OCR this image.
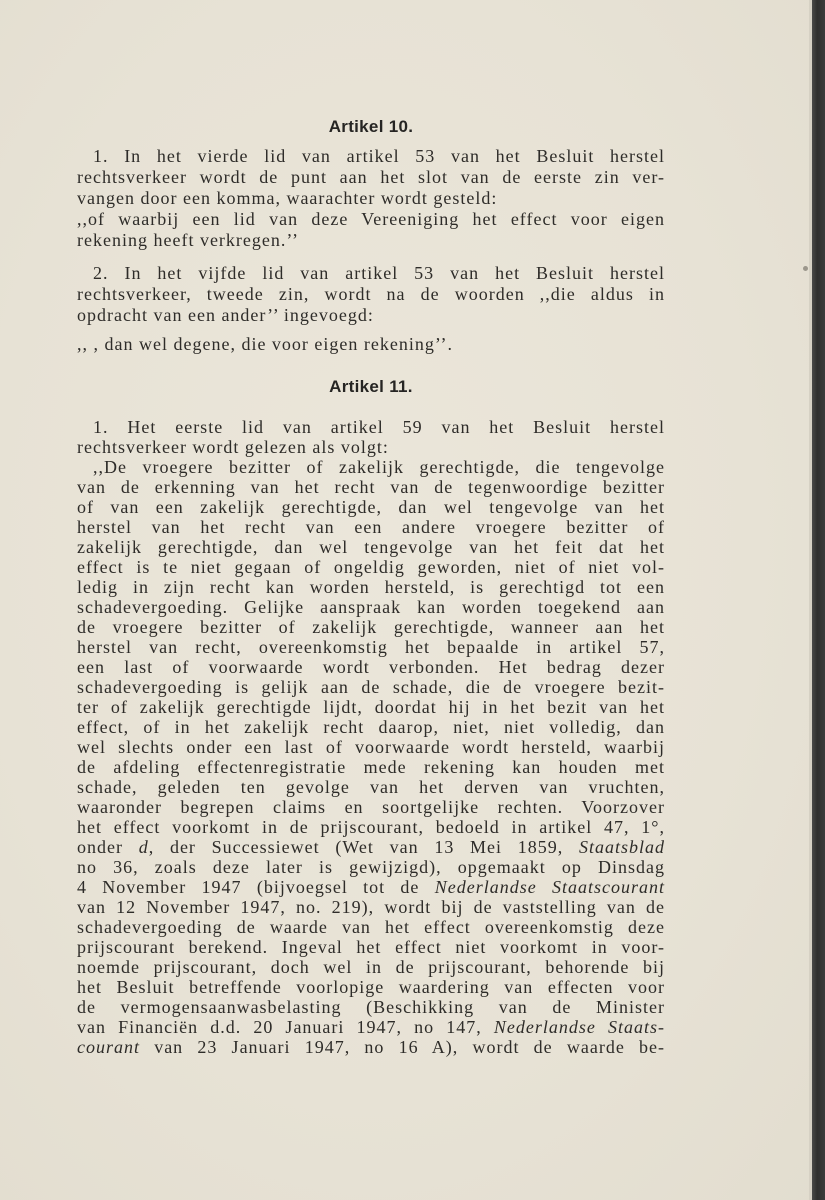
Artikel 10.
1. In het vierde lid van artikel 53 van het Besluit herstel
rechtsverkeer wordt de punt aan het slot van de eerste zin ver-
vangen door een komma, waarachter wordt gesteld:
,,of waarbij een lid van deze Vereeniging het effect voor eigen
rekening heeft verkregen.’’
2. In het vijfde lid van artikel 53 van het Besluit herstel
rechtsverkeer, tweede zin, wordt na de woorden ,,die aldus in
opdracht van een ander’’ ingevoegd:
,, , dan wel degene, die voor eigen rekening’’.
Artikel 11.
1. Het eerste lid van artikel 59 van het Besluit herstel
rechtsverkeer wordt gelezen als volgt:
,,De vroegere bezitter of zakelijk gerechtigde, die tengevolge
van de erkenning van het recht van de tegenwoordige bezitter
of van een zakelijk gerechtigde, dan wel tengevolge van het
herstel van het recht van een andere vroegere bezitter of
zakelijk gerechtigde, dan wel tengevolge van het feit dat het
effect is te niet gegaan of ongeldig geworden, niet of niet vol-
ledig in zijn recht kan worden hersteld, is gerechtigd tot een
schadevergoeding. Gelijke aanspraak kan worden toegekend aan
de vroegere bezitter of zakelijk gerechtigde, wanneer aan het
herstel van recht, overeenkomstig het bepaalde in artikel 57,
een last of voorwaarde wordt verbonden. Het bedrag dezer
schadevergoeding is gelijk aan de schade, die de vroegere bezit-
ter of zakelijk gerechtigde lijdt, doordat hij in het bezit van het
effect, of in het zakelijk recht daarop, niet, niet volledig, dan
wel slechts onder een last of voorwaarde wordt hersteld, waarbij
de afdeling effectenregistratie mede rekening kan houden met
schade, geleden ten gevolge van het derven van vruchten,
waaronder begrepen claims en soortgelijke rechten. Voorzover
het effect voorkomt in de prijscourant, bedoeld in artikel 47, 1°,
onder d, der Successiewet (Wet van 13 Mei 1859, Staatsblad
no 36, zoals deze later is gewijzigd), opgemaakt op Dinsdag
4 November 1947 (bijvoegsel tot de Nederlandse Staatscourant
van 12 November 1947, no. 219), wordt bij de vaststelling van de
schadevergoeding de waarde van het effect overeenkomstig deze
prijscourant berekend. Ingeval het effect niet voorkomt in voor-
noemde prijscourant, doch wel in de prijscourant, behorende bij
het Besluit betreffende voorlopige waardering van effecten voor
de vermogensaanwasbelasting (Beschikking van de Minister
van Financiën d.d. 20 Januari 1947, no 147, Nederlandse Staats-
courant van 23 Januari 1947, no 16 A), wordt de waarde be-
